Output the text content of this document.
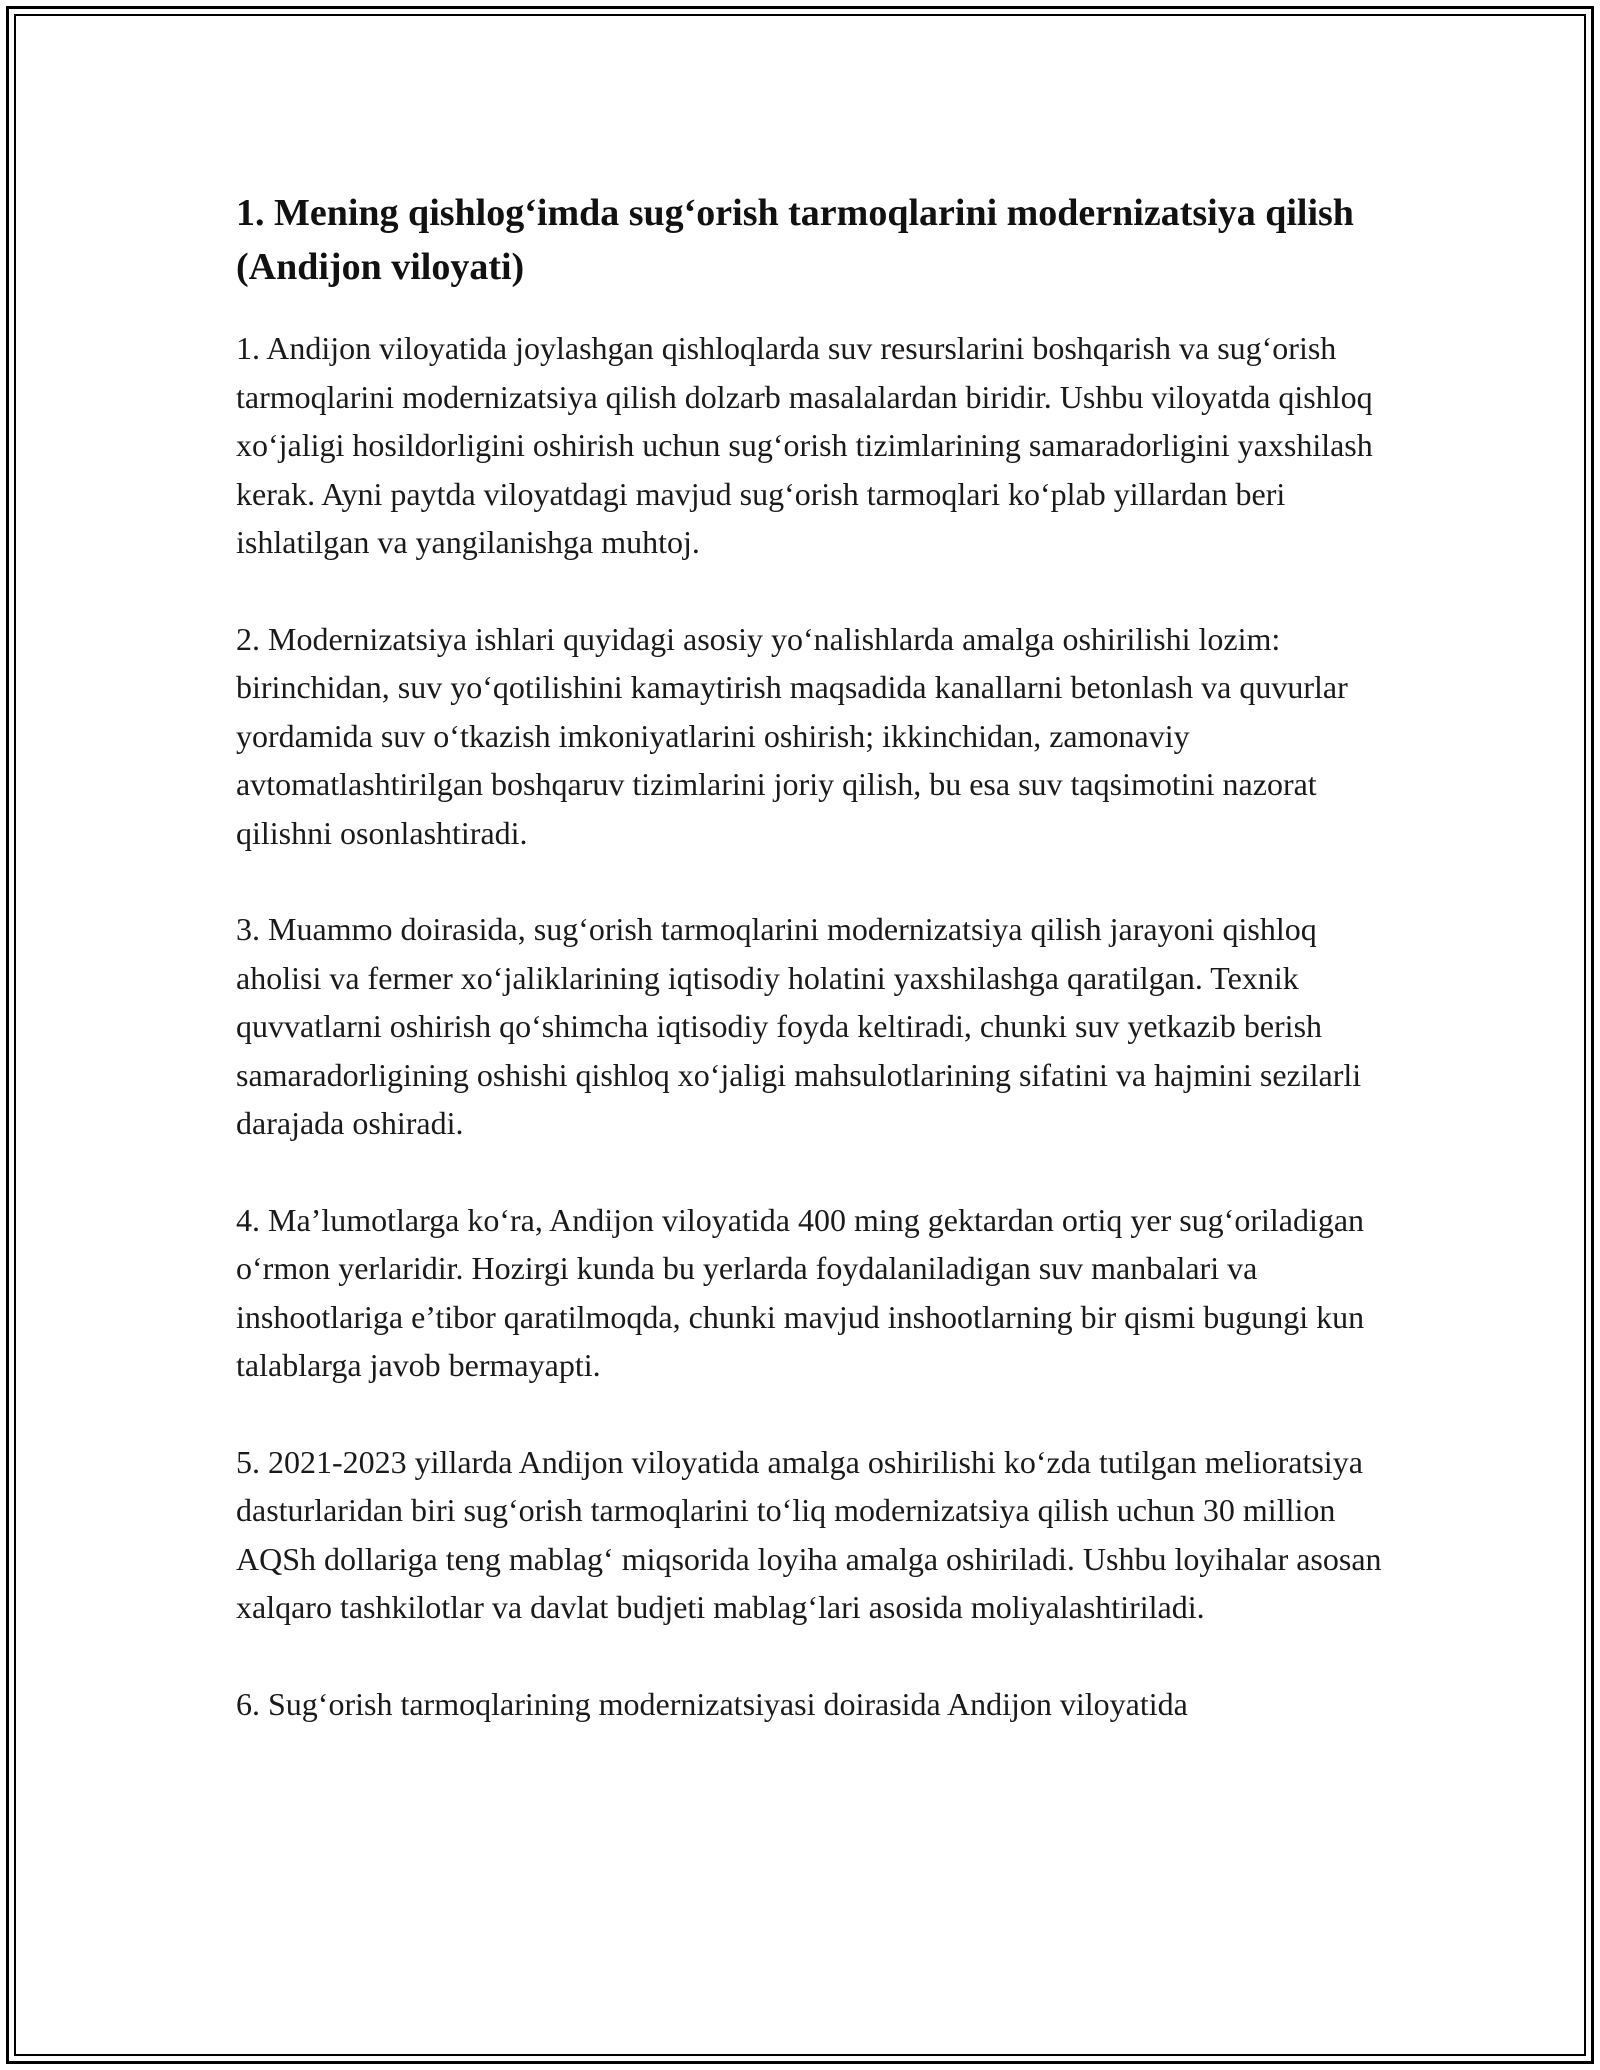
1. Mening qishlog‘imda sug‘orish tarmoqlarini modernizatsiya qilish (Andijon viloyati)

1. Andijon viloyatida joylashgan qishloqlarda suv resurslarini boshqarish va sug‘orish tarmoqlarini modernizatsiya qilish dolzarb masalalardan biridir. Ushbu viloyatda qishloq xo‘jaligi hosildorligini oshirish uchun sug‘orish tizimlarining samaradorligini yaxshilash kerak. Ayni paytda viloyatdagi mavjud sug‘orish tarmoqlari ko‘plab yillardan beri ishlatilgan va yangilanishga muhtoj.

2. Modernizatsiya ishlari quyidagi asosiy yo‘nalishlarda amalga oshirilishi lozim: birinchidan, suv yo‘qotilishini kamaytirish maqsadida kanallarni betonlash va quvurlar yordamida suv o‘tkazish imkoniyatlarini oshirish; ikkinchidan, zamonaviy avtomatlashtirilgan boshqaruv tizimlarini joriy qilish, bu esa suv taqsimotini nazorat qilishni osonlashtiradi.

3. Muammo doirasida, sug‘orish tarmoqlarini modernizatsiya qilish jarayoni qishloq aholisi va fermer xo‘jaliklarining iqtisodiy holatini yaxshilashga qaratilgan. Texnik quvvatlarni oshirish qo‘shimcha iqtisodiy foyda keltiradi, chunki suv yetkazib berish samaradorligining oshishi qishloq xo‘jaligi mahsulotlarining sifatini va hajmini sezilarli darajada oshiradi.

4. Ma’lumotlarga ko‘ra, Andijon viloyatida 400 ming gektardan ortiq yer sug‘oriladigan o‘rmon yerlaridir. Hozirgi kunda bu yerlarda foydalaniladigan suv manbalari va inshootlariga e’tibor qaratilmoqda, chunki mavjud inshootlarning bir qismi bugungi kun talablarga javob bermayapti.

5. 2021-2023 yillarda Andijon viloyatida amalga oshirilishi ko‘zda tutilgan melioratsiya dasturlaridan biri sug‘orish tarmoqlarini to‘liq modernizatsiya qilish uchun 30 million AQSh dollariga teng mablag‘ miqsorida loyiha amalga oshiriladi. Ushbu loyihalar asosan xalqaro tashkilotlar va davlat budjeti mablag‘lari asosida moliyalashtiriladi.

6. Sug‘orish tarmoqlarining modernizatsiyasi doirasida Andijon viloyatida
